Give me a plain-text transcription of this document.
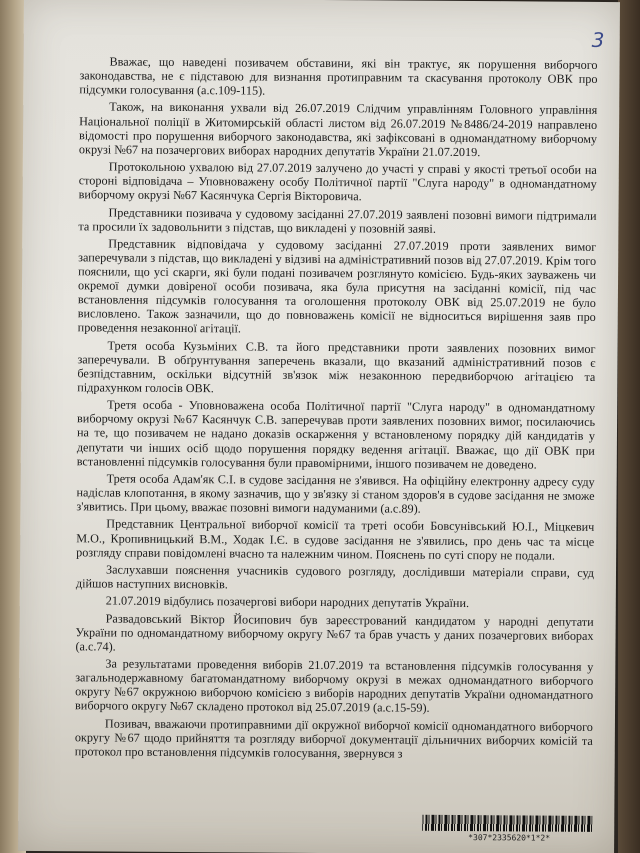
3

Вважає, що наведені позивачем обставини, які він трактує, як порушення виборчого законодавства, не є підставою для визнання протиправним та скасування протоколу ОВК про підсумки голосування (а.с.109-115).

Також, на виконання ухвали від 26.07.2019 Слідчим управлінням Головного управління Національної поліції в Житомирській області листом від 26.07.2019 №8486/24-2019 направлено відомості про порушення виборчого законодавства, які зафіксовані в одномандатному виборчому окрузі №67 на позачергових виборах народних депутатів України 21.07.2019.

Протокольною ухвалою від 27.07.2019 залучено до участі у справі у якості третьої особи на стороні відповідача – Уповноважену особу Політичної партії "Слуга народу" в одномандатному виборчому окрузі №67 Касянчука Сергія Вікторовича.

Представники позивача у судовому засіданні 27.07.2019 заявлені позовні вимоги підтримали та просили їх задовольнити з підстав, що викладені у позовній заяві.

Представник відповідача у судовому засіданні 27.07.2019 проти заявлених вимог заперечували з підстав, що викладені у відзиві на адміністративний позов від 27.07.2019. Крім того пояснили, що усі скарги, які були подані позивачем розглянуто комісією. Будь-яких зауважень чи окремої думки довіреної особи позивача, яка була присутня на засіданні комісії, під час встановлення підсумків голосування та оголошення протоколу ОВК від 25.07.2019 не було висловлено. Також зазначили, що до повноважень комісії не відноситься вирішення заяв про проведення незаконної агітації.

Третя особа Кузьміних С.В. та його представники проти заявлених позовних вимог заперечували. В обґрунтування заперечень вказали, що вказаний адміністративний позов є безпідставним, оскільки відсутній зв'язок між незаконною передвиборчою агітацією та підрахунком голосів ОВК.

Третя особа - Уповноважена особа Політичної партії "Слуга народу" в одномандатному виборчому окрузі №67 Касянчук С.В. заперечував проти заявлених позовних вимог, посилаючись на те, що позивачем не надано доказів оскарження у встановленому порядку дій кандидатів у депутати чи інших осіб щодо порушення порядку ведення агітації. Вважає, що дії ОВК при встановленні підсумків голосування були правомірними, іншого позивачем не доведено.

Третя особа Адам'як С.І. в судове засідання не з'явився. На офіційну електронну адресу суду надіслав клопотання, в якому зазначив, що у зв'язку зі станом здоров'я в судове засідання не зможе з'явитись. При цьому, вважає позовні вимоги надуманими (а.с.89).

Представник Центральної виборчої комісії та треті особи Бовсунівський Ю.І., Міцкевич М.О., Кропивницький В.М., Ходак І.Є. в судове засідання не з'явились, про день час та місце розгляду справи повідомлені вчасно та належним чином. Пояснень по суті спору не подали.

Заслухавши пояснення учасників судового розгляду, дослідивши матеріали справи, суд дійшов наступних висновків.

21.07.2019 відбулись позачергові вибори народних депутатів України.

Развадовський Віктор Йосипович був зареєстрований кандидатом у народні депутати України по одномандатному виборчому округу №67 та брав участь у даних позачергових виборах (а.с.74).

За результатами проведення виборів 21.07.2019 та встановлення підсумків голосування у загальнодержавному багатомандатному виборчому окрузі в межах одномандатного виборчого округу №67 окружною виборчою комісією з виборів народних депутатів України одномандатного виборчого округу №67 складено протокол від 25.07.2019 (а.с.15-59).

Позивач, вважаючи протиправними дії окружної виборчої комісії одномандатного виборчого округу №67 щодо прийняття та розгляду виборчої документації дільничних виборчих комісій та протокол про встановлення підсумків голосування, звернувся з

*307*2335620*1*2*
